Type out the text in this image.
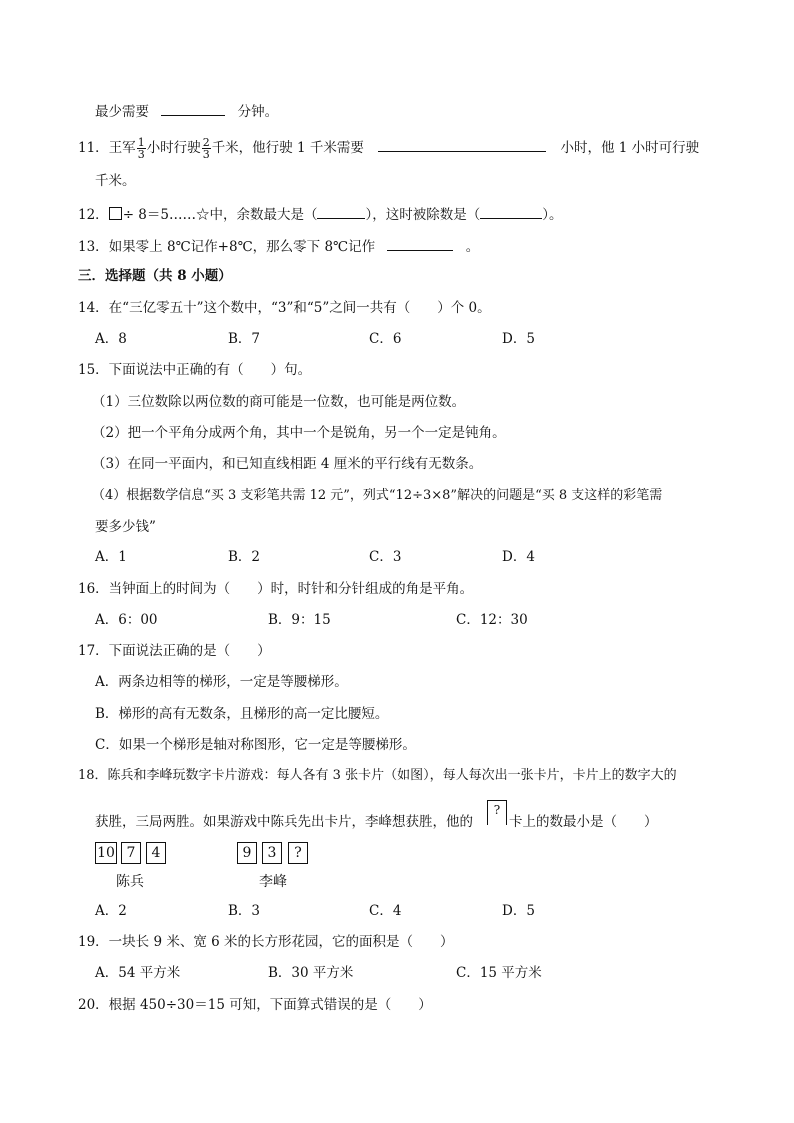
最少需要	分钟。
11．王军 $\frac{1}{3}$ 小时行驶 $\frac{2}{3}$ 千米，他行驶 1 千米需要	小时，他 1 小时可行驶
千米。
12． ÷ 8＝5……☆中，余数最大是（	），这时被除数是（	）。
13．如果零上 8℃记作+8℃，那么零下 8℃记作	。
三．选择题（共 8 小题）
14．在“三亿零五十”这个数中，“3”和“5”之间一共有（　　）个 0。
A．8	B．7	C．6	D．5
15．下面说法中正确的有（　　）句。
（1）三位数除以两位数的商可能是一位数，也可能是两位数。
（2）把一个平角分成两个角，其中一个是锐角，另一个一定是钝角。
（3）在同一平面内，和已知直线相距 4 厘米的平行线有无数条。
（4）根据数学信息“买 3 支彩笔共需 12 元”，列式“12÷3×8”解决的问题是“买 8 支这样的彩笔需
要多少钱”
A．1	B．2	C．3	D．4
16．当钟面上的时间为（　　）时，时针和分针组成的角是平角。
A．6：00	B．9：15	C．12：30
17．下面说法正确的是（　　）
A．两条边相等的梯形，一定是等腰梯形。
B．梯形的高有无数条，且梯形的高一定比腰短。
C．如果一个梯形是轴对称图形，它一定是等腰梯形。
18．陈兵和李峰玩数字卡片游戏：每人各有 3 张卡片（如图），每人每次出一张卡片，卡片上的数字大的
获胜，三局两胜。如果游戏中陈兵先出卡片，李峰想获胜，他的
?
卡上的数最小是（　　）
10 7	4	9	3	?
陈兵	李峰
A．2	B．3	C．4	D．5
19．一块长 9 米、宽 6 米的长方形花园，它的面积是（　　）
A．54 平方米	B．30 平方米	C．15 平方米
20．根据 450÷30＝15 可知，下面算式错误的是（　　）
